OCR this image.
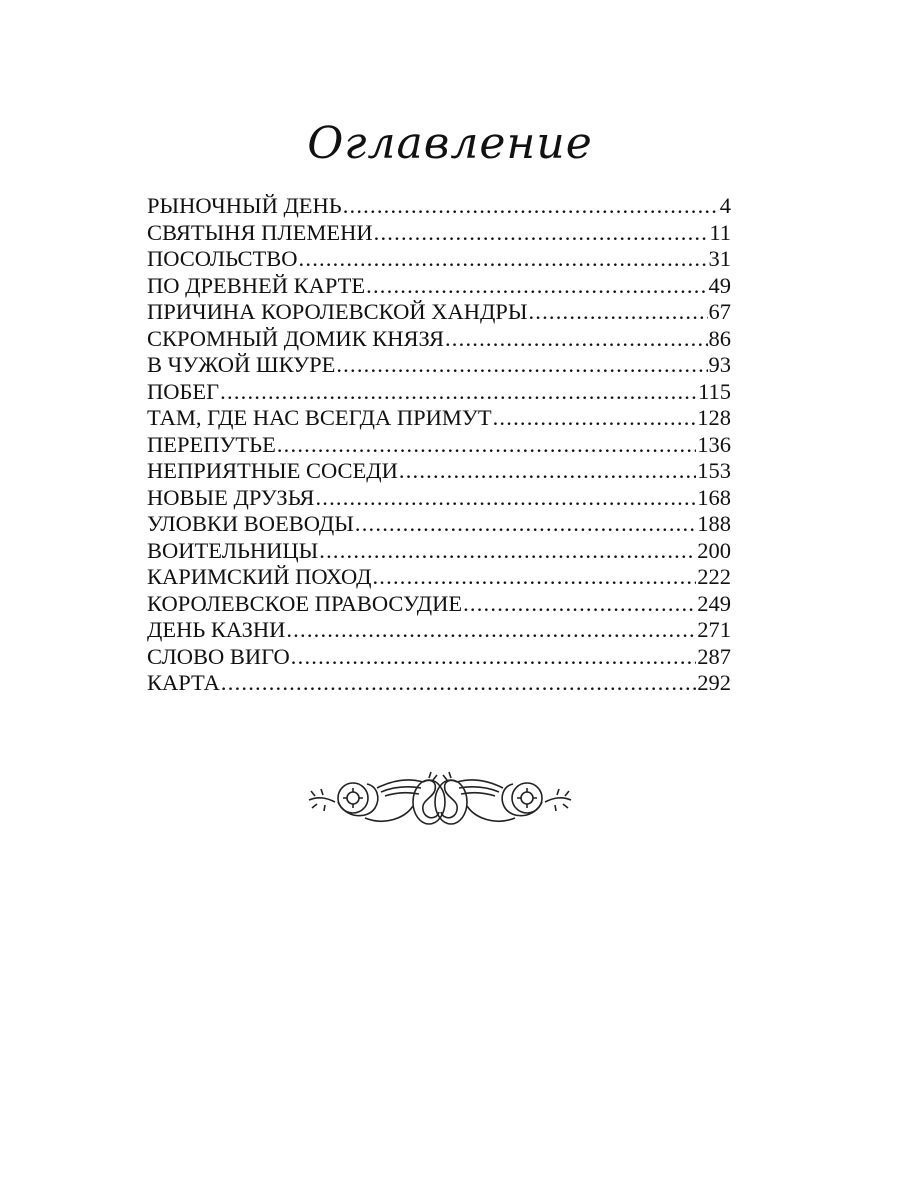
Оглавление
РЫНОЧНЫЙ ДЕНЬ .....	4
СВЯТЫНЯ ПЛЕМЕНИ .....	11
ПОСОЛЬСТВО .....	31
ПО ДРЕВНЕЙ КАРТЕ .....	49
ПРИЧИНА КОРОЛЕВСКОЙ ХАНДРЫ .....	67
СКРОМНЫЙ ДОМИК КНЯЗЯ .....	86
В ЧУЖОЙ ШКУРЕ .....	93
ПОБЕГ .....	115
ТАМ, ГДЕ НАС ВСЕГДА ПРИМУТ .....	128
ПЕРЕПУТЬЕ .....	136
НЕПРИЯТНЫЕ СОСЕДИ .....	153
НОВЫЕ ДРУЗЬЯ .....	168
УЛОВКИ ВОЕВОДЫ .....	188
ВОИТЕЛЬНИЦЫ .....	200
КАРИМСКИЙ ПОХОД .....	222
КОРОЛЕВСКОЕ ПРАВОСУДИЕ .....	249
ДЕНЬ КАЗНИ .....	271
СЛОВО ВИГО .....	287
КАРТА .....	292
